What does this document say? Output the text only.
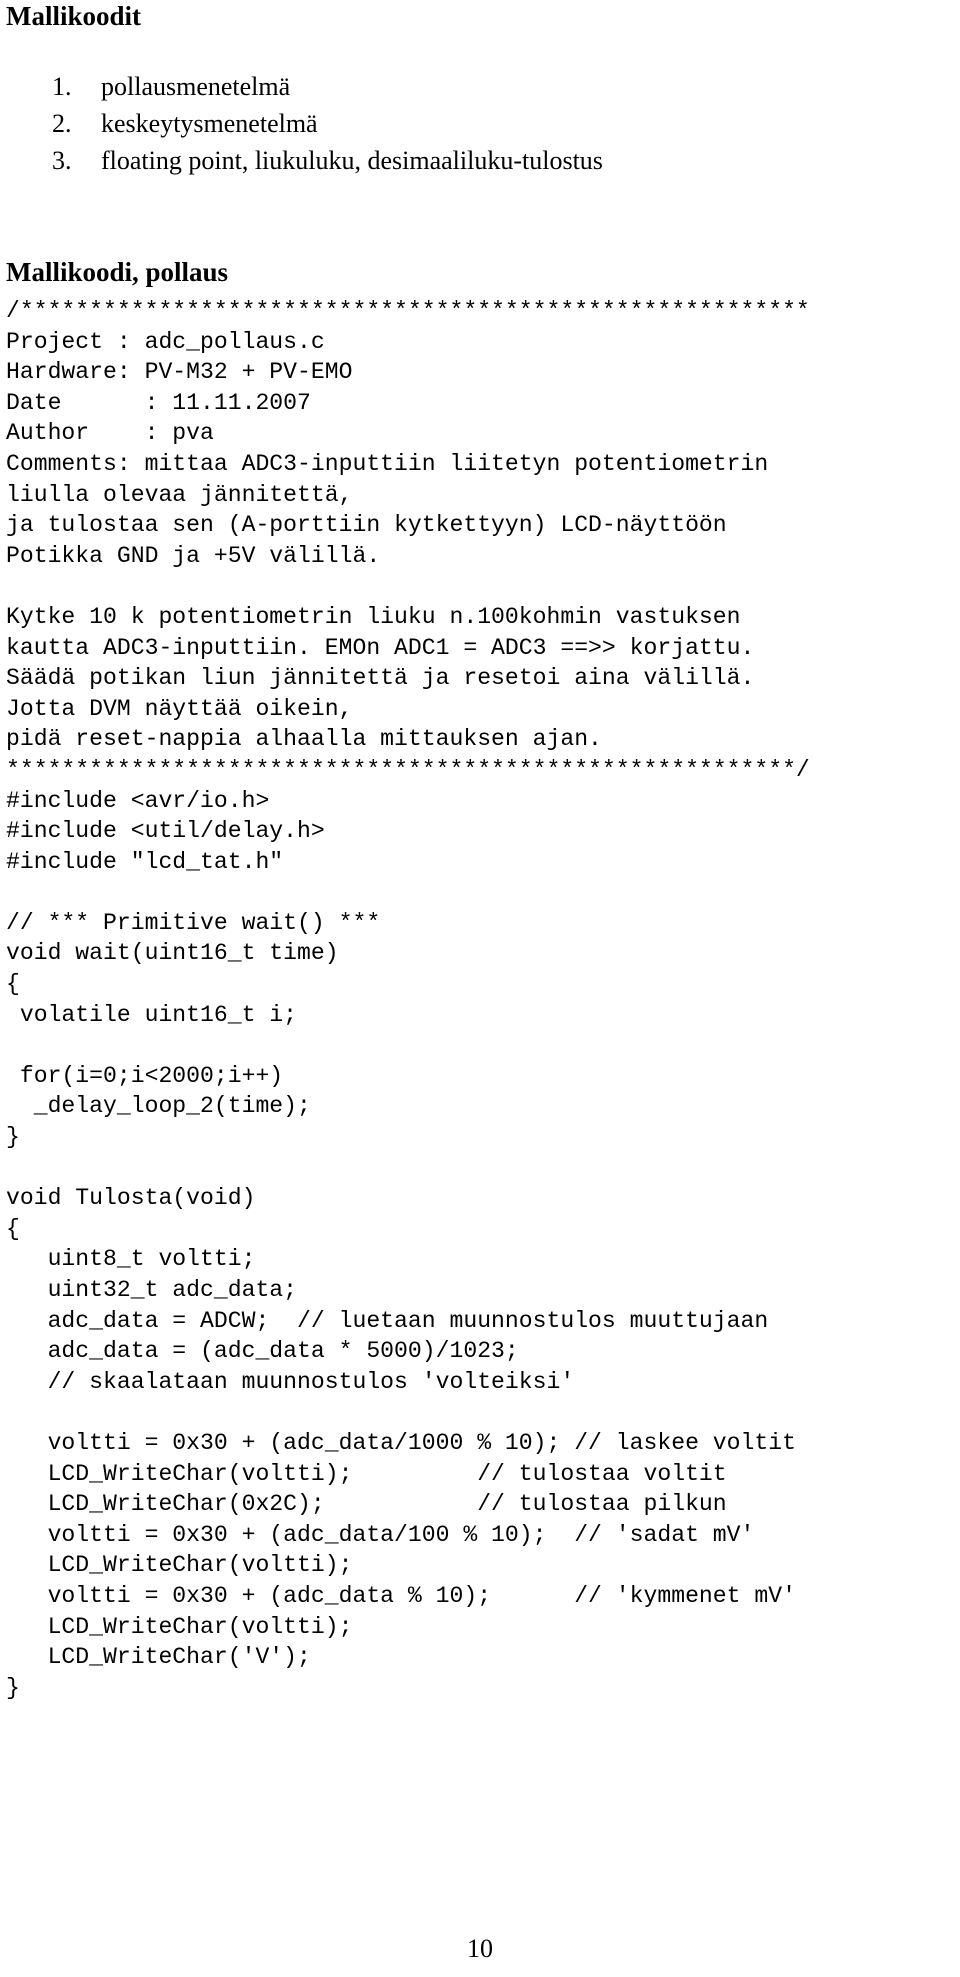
Mallikoodit
1. pollausmenetelmä
2. keskeytysmenetelmä
3. floating point, liukuluku, desimaaliluku-tulostus
Mallikoodi, pollaus
/*********************************************************
Project : adc_pollaus.c
Hardware: PV-M32 + PV-EMO
Date      : 11.11.2007
Author    : pva
Comments: mittaa ADC3-inputtiin liitetyn potentiometrin
liulla olevaa jännitettä,
ja tulostaa sen (A-porttiin kytkettyyn) LCD-näyttöön
Potikka GND ja +5V välillä.
Kytke 10 k potentiometrin liuku n.100kohmin vastuksen
kautta ADC3-inputtiin. EMOn ADC1 = ADC3 ==>> korjattu.
Säädä potikan liun jännitettä ja resetoi aina välillä.
Jotta DVM näyttää oikein,
pidä reset-nappia alhaalla mittauksen ajan.
*********************************************************/
#include <avr/io.h>
#include <util/delay.h>
#include "lcd_tat.h"
// *** Primitive wait() ***
void wait(uint16_t time)
{
volatile uint16_t i;
for(i=0;i<2000;i++)
_delay_loop_2(time);
}
void Tulosta(void)
{
uint8_t voltti;
uint32_t adc_data;
adc_data = ADCW;  // luetaan muunnostulos muuttujaan
adc_data = (adc_data * 5000)/1023;
// skaalataan muunnostulos 'volteiksi'
voltti = 0x30 + (adc_data/1000 % 10); // laskee voltit
LCD_WriteChar(voltti);         // tulostaa voltit
LCD_WriteChar(0x2C);           // tulostaa pilkun
voltti = 0x30 + (adc_data/100 % 10);  // 'sadat mV'
LCD_WriteChar(voltti);
voltti = 0x30 + (adc_data % 10);      // 'kymmenet mV'
LCD_WriteChar(voltti);
LCD_WriteChar('V');
}
10
